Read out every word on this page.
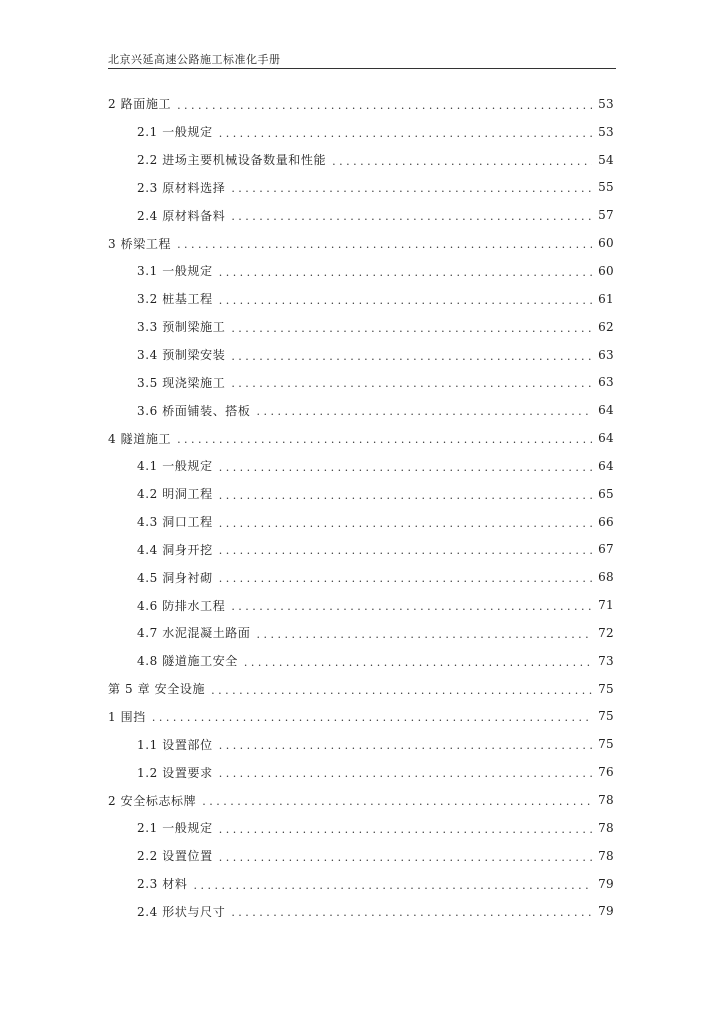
北京兴延高速公路施工标准化手册
2 路面施工 . . .	53
2.1 一般规定 . . .	53
2.2 进场主要机械设备数量和性能 . . .	54
2.3 原材料选择 . . .	55
2.4 原材料备料 . . .	57
3 桥梁工程 . . .	60
3.1 一般规定 . . .	60
3.2 桩基工程 . . .	61
3.3 预制梁施工 . . .	62
3.4 预制梁安装 . . .	63
3.5 现浇梁施工 . . .	63
3.6 桥面铺装、搭板 . . .	64
4 隧道施工 . . .	64
4.1 一般规定 . . .	64
4.2 明洞工程 . . .	65
4.3 洞口工程 . . .	66
4.4 洞身开挖 . . .	67
4.5 洞身衬砌 . . .	68
4.6 防排水工程 . . .	71
4.7 水泥混凝土路面 . . .	72
4.8 隧道施工安全 . . .	73
第 5 章 安全设施 . . .	75
1 围挡 . . .	75
1.1 设置部位 . . .	75
1.2 设置要求 . . .	76
2 安全标志标牌 . . .	78
2.1 一般规定 . . .	78
2.2 设置位置 . . .	78
2.3 材料 . . .	79
2.4 形状与尺寸 . . .	79
